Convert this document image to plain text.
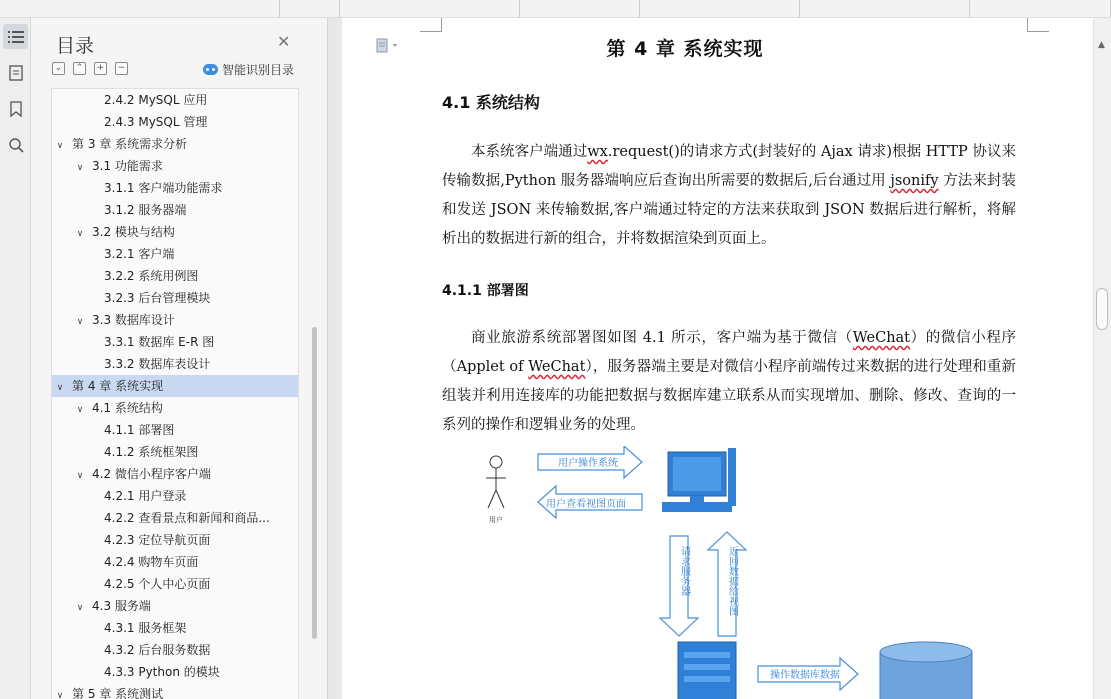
目录	✕
⌄	⌃	+	−	智能识别目录
2.4.2 MySQL 应用
2.4.3 MySQL 管理
∨ 第 3 章 系统需求分析
∨ 3.1 功能需求
3.1.1 客户端功能需求
3.1.2 服务器端
∨ 3.2 模块与结构
3.2.1 客户端
3.2.2 系统用例图
3.2.3 后台管理模块
∨ 3.3 数据库设计
3.3.1 数据库 E-R 图
3.3.2 数据库表设计
∨ 第 4 章 系统实现
∨ 4.1 系统结构
4.1.1 部署图
4.1.2 系统框架图
∨ 4.2 微信小程序客户端
4.2.1 用户登录
4.2.2 查看景点和新闻和商品...
4.2.3 定位导航页面
4.2.4 购物车页面
4.2.5 个人中心页面
∨ 4.3 服务端
4.3.1 服务框架
4.3.2 后台服务数据
4.3.3 Python 的模块
∨ 第 5 章 系统测试
第 4 章 系统实现
4.1 系统结构

本系统客户端通过wx.request()的请求方式(封装好的 Ajax 请求)根据 HTTP 协议来传输数据,Python 服务器端响应后查询出所需要的数据后,后台通过用 jsonify 方法来封装和发送 JSON 来传输数据,客户端通过特定的方法来获取到 JSON 数据后进行解析，将解析出的数据进行新的组合，并将数据渲染到页面上。

4.1.1 部署图

商业旅游系统部署图如图 4.1 所示，客户端为基于微信（WeChat）的微信小程序（Applet of WeChat），服务器端主要是对微信小程序前端传过来数据的进行处理和重新组装并利用连接库的功能把数据与数据库建立联系从而实现增加、删除、修改、查询的一系列的操作和逻辑业务的处理。

用户
用户操作系统
用户查看视图页面
请求服务器	返回数据给视图
操作数据库数据
▲
